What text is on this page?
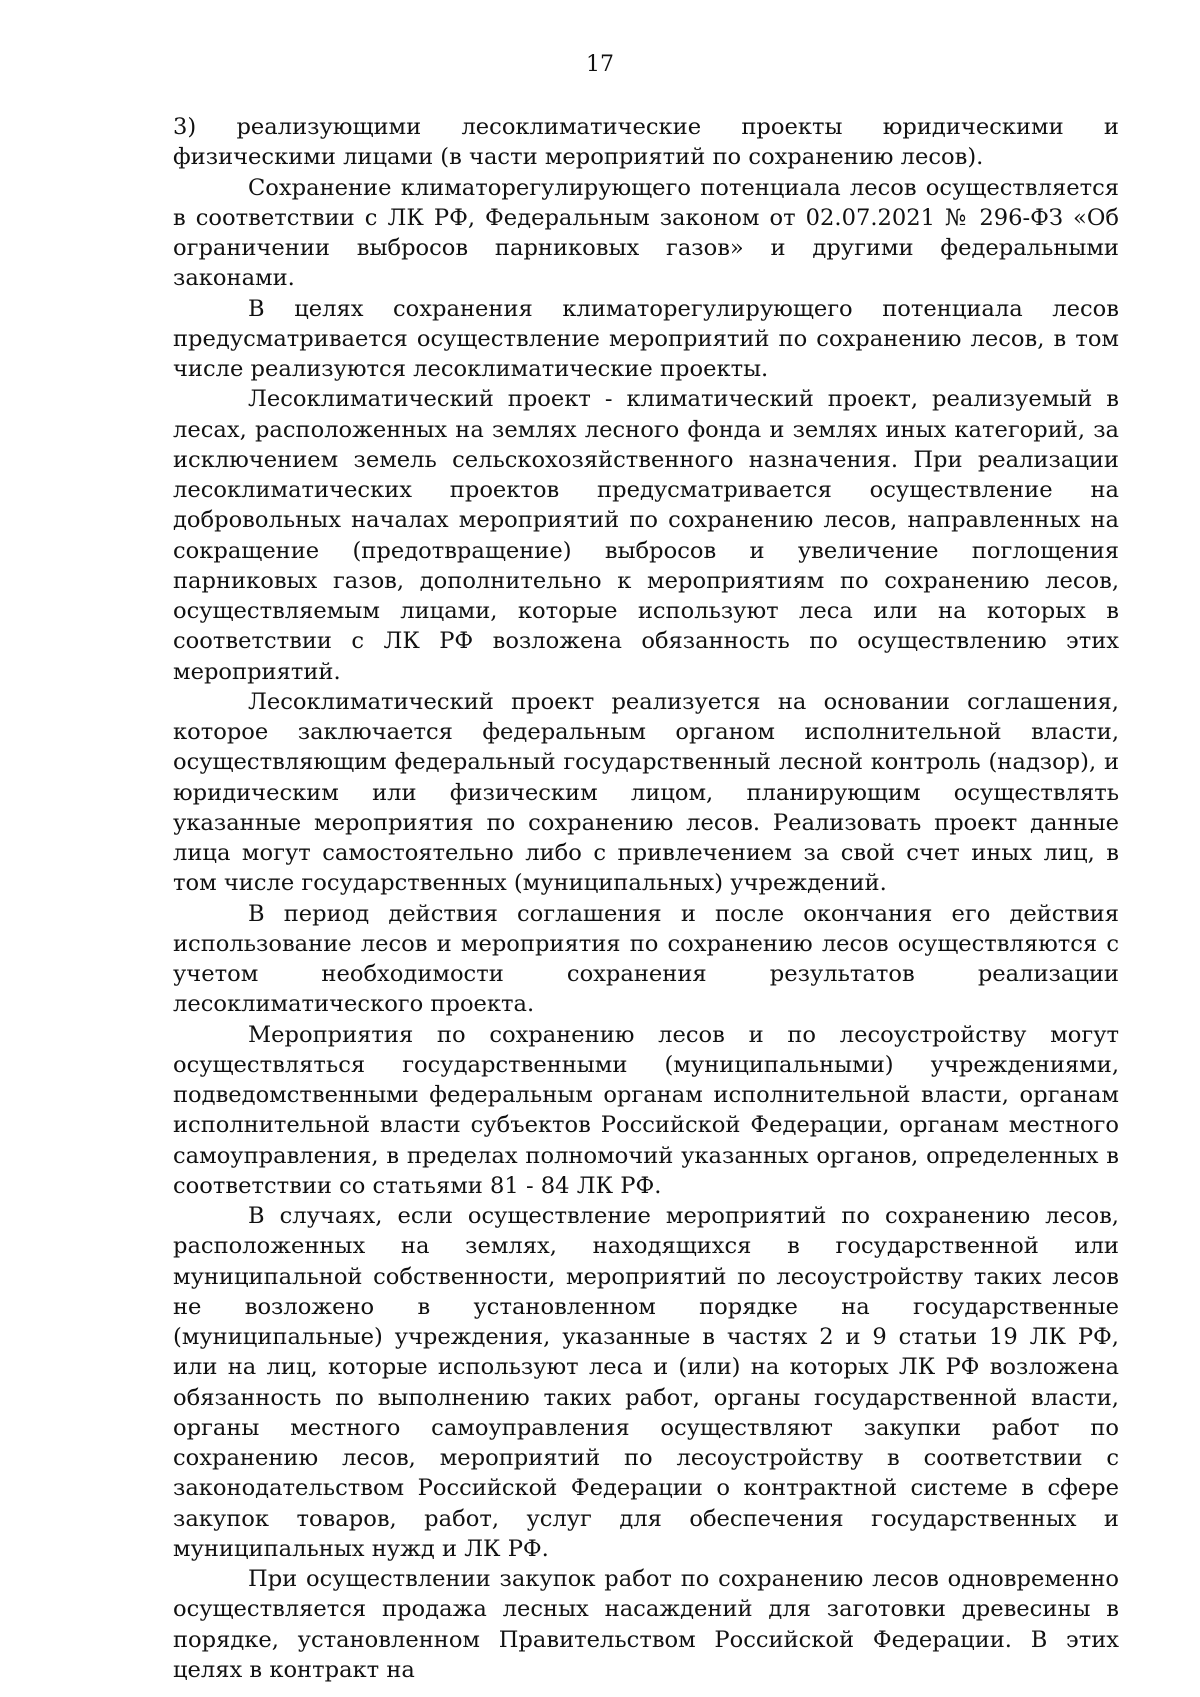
17

3) реализующими лесоклиматические проекты юридическими и физическими лицами (в части мероприятий по сохранению лесов).

Сохранение климаторегулирующего потенциала лесов осуществляется в соответствии с ЛК РФ, Федеральным законом от 02.07.2021 № 296-ФЗ «Об ограничении выбросов парниковых газов» и другими федеральными законами.

В целях сохранения климаторегулирующего потенциала лесов предусматривается осуществление мероприятий по сохранению лесов, в том числе реализуются лесоклиматические проекты.

Лесоклиматический проект - климатический проект, реализуемый в лесах, расположенных на землях лесного фонда и землях иных категорий, за исключением земель сельскохозяйственного назначения. При реализации лесоклиматических проектов предусматривается осуществление на добровольных началах мероприятий по сохранению лесов, направленных на сокращение (предотвращение) выбросов и увеличение поглощения парниковых газов, дополнительно к мероприятиям по сохранению лесов, осуществляемым лицами, которые используют леса или на которых в соответствии с ЛК РФ возложена обязанность по осуществлению этих мероприятий.

Лесоклиматический проект реализуется на основании соглашения, которое заключается федеральным органом исполнительной власти, осуществляющим федеральный государственный лесной контроль (надзор), и юридическим или физическим лицом, планирующим осуществлять указанные мероприятия по сохранению лесов. Реализовать проект данные лица могут самостоятельно либо с привлечением за свой счет иных лиц, в том числе государственных (муниципальных) учреждений.

В период действия соглашения и после окончания его действия использование лесов и мероприятия по сохранению лесов осуществляются с учетом необходимости сохранения результатов реализации лесоклиматического проекта.

Мероприятия по сохранению лесов и по лесоустройству могут осуществляться государственными (муниципальными) учреждениями, подведомственными федеральным органам исполнительной власти, органам исполнительной власти субъектов Российской Федерации, органам местного самоуправления, в пределах полномочий указанных органов, определенных в соответствии со статьями 81 - 84 ЛК РФ.

В случаях, если осуществление мероприятий по сохранению лесов, расположенных на землях, находящихся в государственной или муниципальной собственности, мероприятий по лесоустройству таких лесов не возложено в установленном порядке на государственные (муниципальные) учреждения, указанные в частях 2 и 9 статьи 19 ЛК РФ, или на лиц, которые используют леса и (или) на которых ЛК РФ возложена обязанность по выполнению таких работ, органы государственной власти, органы местного самоуправления осуществляют закупки работ по сохранению лесов, мероприятий по лесоустройству в соответствии с законодательством Российской Федерации о контрактной системе в сфере закупок товаров, работ, услуг для обеспечения государственных и муниципальных нужд и ЛК РФ.

При осуществлении закупок работ по сохранению лесов одновременно осуществляется продажа лесных насаждений для заготовки древесины в порядке, установленном Правительством Российской Федерации. В этих целях в контракт на
